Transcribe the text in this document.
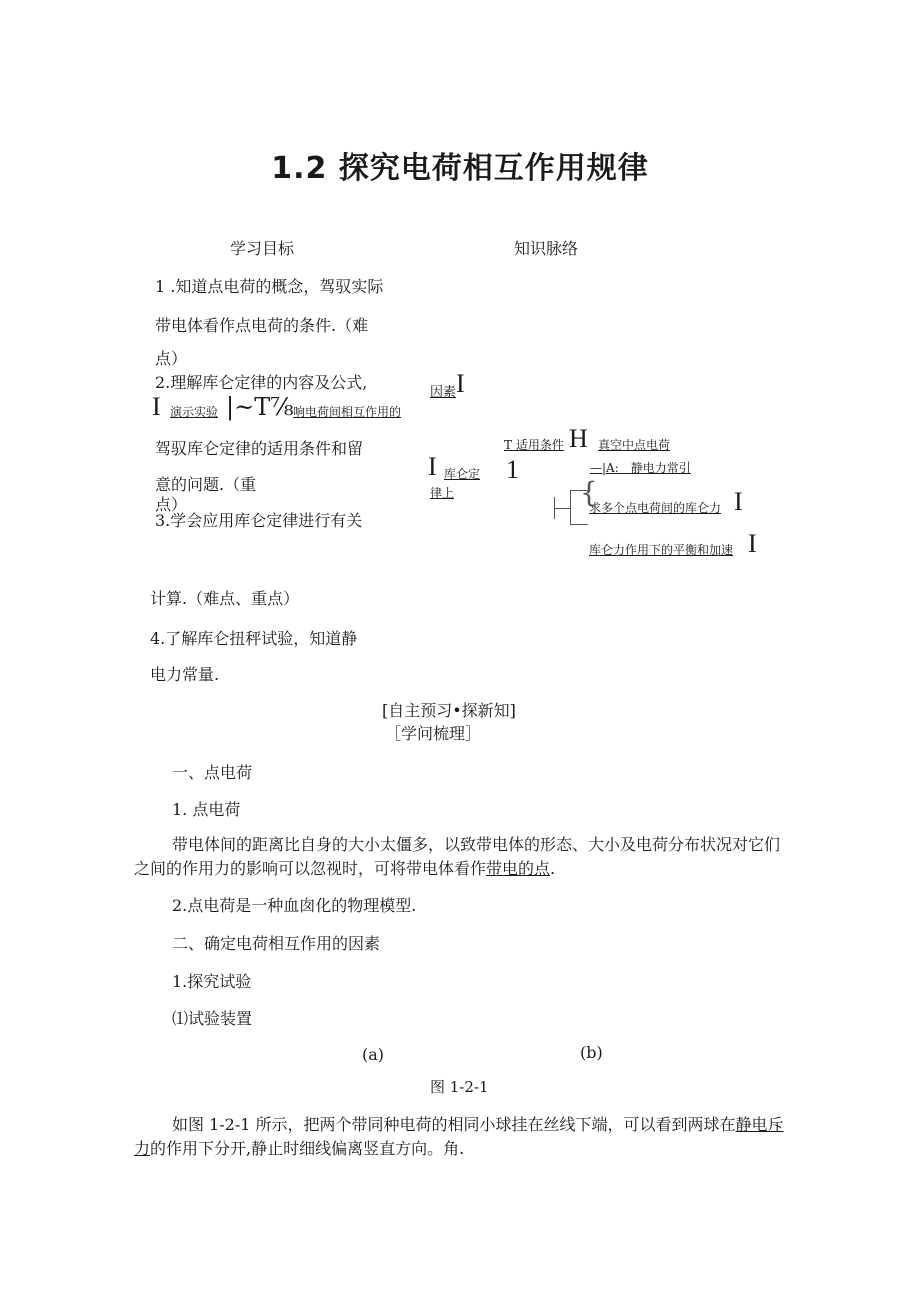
1.2 探究电荷相互作用规律
学习目标	知识脉络
1 .知道点电荷的概念，驾驭实际
带电体看作点电荷的条件.（难
点）
2.理解库仑定律的内容及公式,
驾驭库仑定律的适用条件和留
意的问题.（重
点）
3.学会应用库仑定律进行有关
计算.（难点、重点）
4.了解库仑扭秤试验，知道静
电力常量.
因素 I
I 演示实验 |~T⅞ 响电荷间相互作用的
I 库仑定
律上
T 适用条件 H 真空中点电荷
1	—|A:　静电力常引
{
求多个点电荷间的库仑力 I
库仑力作用下的平衡和加速 I
[自主预习•探新知]
［学问梳理］
一、点电荷
1. 点电荷
带电体间的距离比自身的大小太僵多，以致带电体的形态、大小及电荷分布状况对它们之间的作用力的影响可以忽视时，可将带电体看作带电的点.
2.点电荷是一种血囱化的物理模型.
二、确定电荷相互作用的因素
1.探究试验
⑴试验装置
(a)	(b)
图 1-2-1
如图 1-2-1 所示，把两个带同种电荷的相同小球挂在丝线下端，可以看到两球在静电斥力的作用下分开,静止时细线偏离竖直方向。角.
